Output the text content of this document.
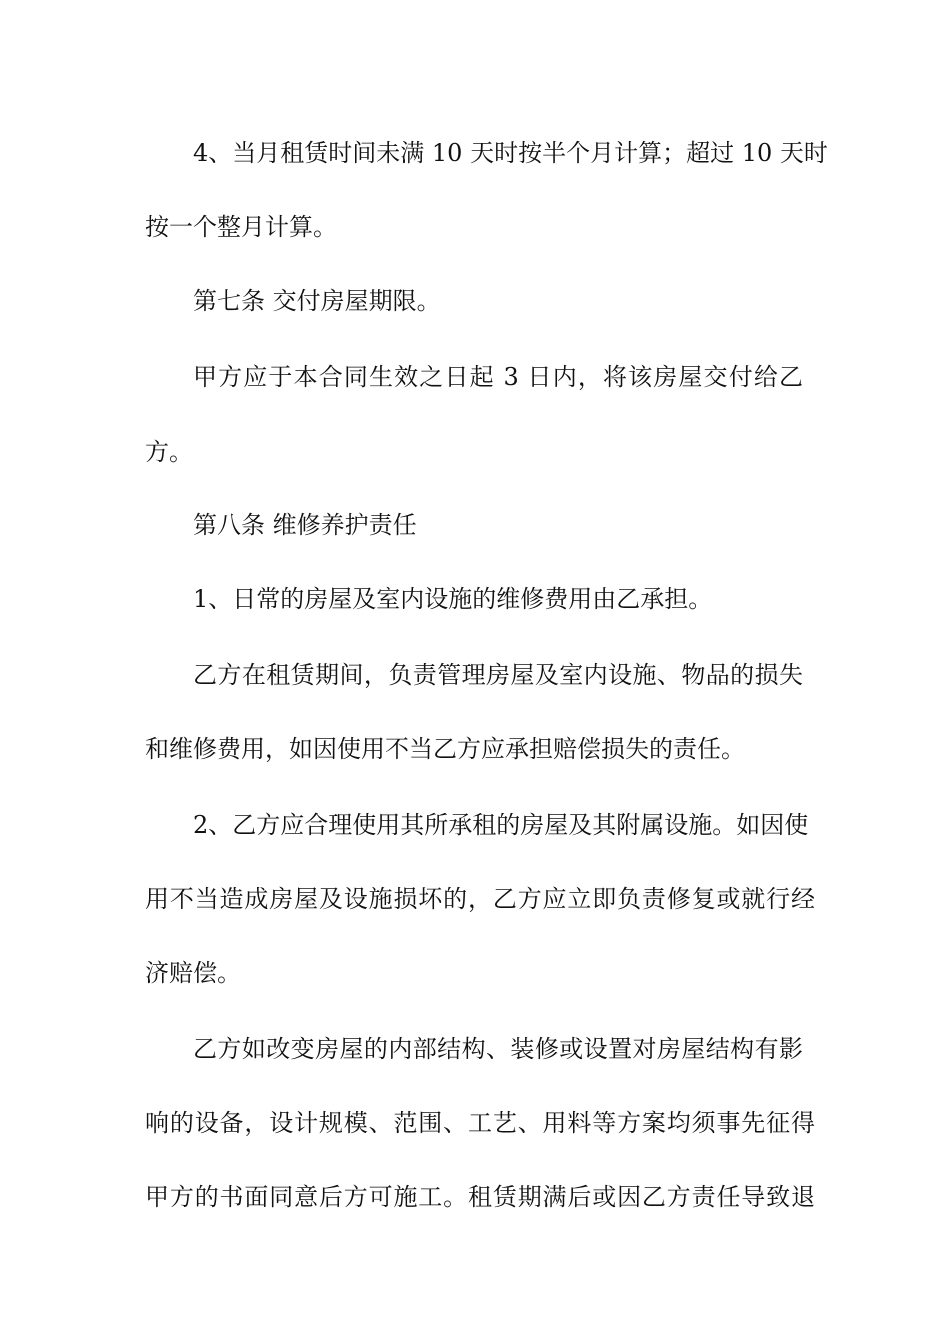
4、当月租赁时间未满 10 天时按半个月计算；超过 10 天时
按一个整月计算。
第七条 交付房屋期限。
甲方应于本合同生效之日起 3 日内，将该房屋交付给乙
方。
第八条 维修养护责任
1、日常的房屋及室内设施的维修费用由乙承担。
乙方在租赁期间，负责管理房屋及室内设施、物品的损失
和维修费用，如因使用不当乙方应承担赔偿损失的责任。
2、乙方应合理使用其所承租的房屋及其附属设施。如因使
用不当造成房屋及设施损坏的，乙方应立即负责修复或就行经
济赔偿。
乙方如改变房屋的内部结构、装修或设置对房屋结构有影
响的设备，设计规模、范围、工艺、用料等方案均须事先征得
甲方的书面同意后方可施工。租赁期满后或因乙方责任导致退
